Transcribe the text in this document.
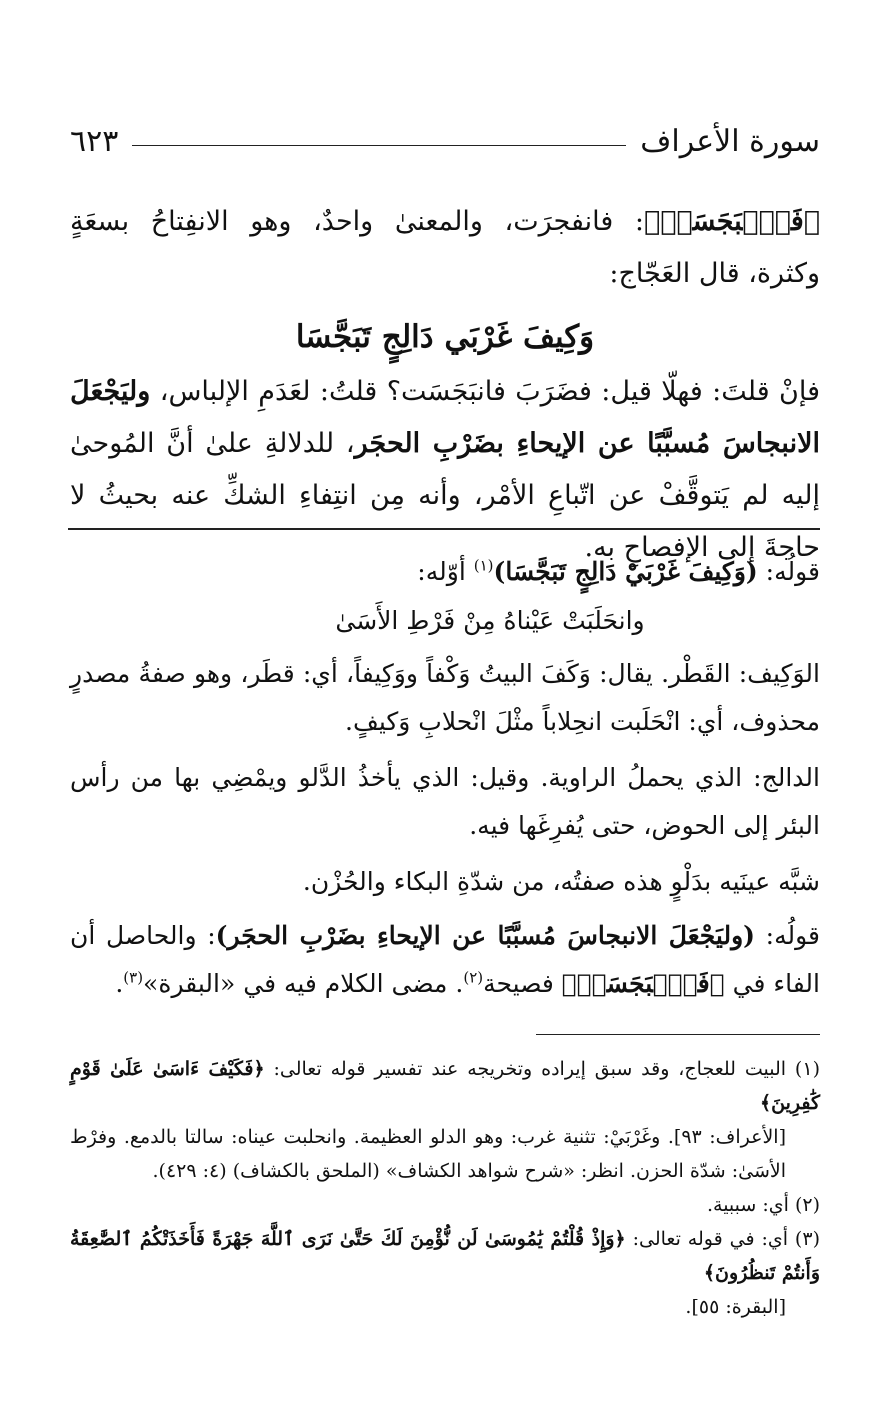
سورة الأعراف
٦٢٣

﴿فَٱنۢبَجَسَتۡ﴾: فانفجرَت، والمعنىٰ واحدٌ، وهو الانفِتاحُ بسعَةٍ وكثرة، قال العَجّاج:

وَكِيفَ غَرْبَي دَالِجٍ تَبَجَّسَا

فإنْ قلتَ: فهلّا قيل: فضَرَبَ فانبَجَسَت؟ قلتُ: لعَدَمِ الإلباس، وليَجْعَلَ الانبجاسَ مُسبَّبًا عن الإيحاءِ بضَرْبِ الحجَر، للدلالةِ علىٰ أنَّ المُوحىٰ إليه لم يَتوقَّفْ عن اتّباعِ الأمْر، وأنه مِن انتِفاءِ الشكِّ عنه بحيثُ لا حاجةَ إلى الإفصاحِ به.

قولُه: (وَكِيفَ غَرْبَيْ دَالِجٍ تَبَجَّسَا)$^{(١)}$ أوّله:

وانحَلَبَتْ عَيْناهُ مِنْ فَرْطِ الأَسَىٰ

الوَكِيف: القَطْر. يقال: وَكَفَ البيتُ وَكْفاً ووَكِيفاً، أي: قطَر، وهو صفةُ مصدرٍ محذوف، أي: انْحَلَبت انحِلاباً مثْلَ انْحلابِ وَكيفٍ.

الدالج: الذي يحملُ الراوية. وقيل: الذي يأخذُ الدَّلو ويمْضِي بها من رأس البئر إلى الحوض، حتى يُفرِغَها فيه.

شبَّه عينَيه بدَلْوٍ هذه صفتُه، من شدّةِ البكاء والحُزْن.

قولُه: (وليَجْعَلَ الانبجاسَ مُسبَّبًا عن الإيحاءِ بضَرْبِ الحجَر): والحاصل أن الفاء في ﴿فَٱنۢبَجَسَتۡ﴾ فصيحة$^{(٢)}$. مضى الكلام فيه في «البقرة»$^{(٣)}$.

(١) البيت للعجاج، وقد سبق إيراده وتخريجه عند تفسير قوله تعالى: ﴿فَكَيْفَ ءَاسَىٰ عَلَىٰ قَوْمٍ كَٰفِرِينَ﴾

[الأعراف: ٩٣]. وغَرْبَيْ: تثنية غرب: وهو الدلو العظيمة. وانحلبت عيناه: سالتا بالدمع. وفرْط الأسَىٰ: شدّة الحزن. انظر: «شرح شواهد الكشاف» (الملحق بالكشاف) (٤: ٤٢٩).

(٢) أي: سببية.

(٣) أي: في قوله تعالى: ﴿وَإِذْ قُلْتُمْ يَٰمُوسَىٰ لَن نُّؤْمِنَ لَكَ حَتَّىٰ نَرَى ٱللَّهَ جَهْرَةً فَأَخَذَتْكُمُ ٱلصَّٰعِقَةُ وَأَنتُمْ تَنظُرُونَ﴾

[البقرة: ٥٥].
